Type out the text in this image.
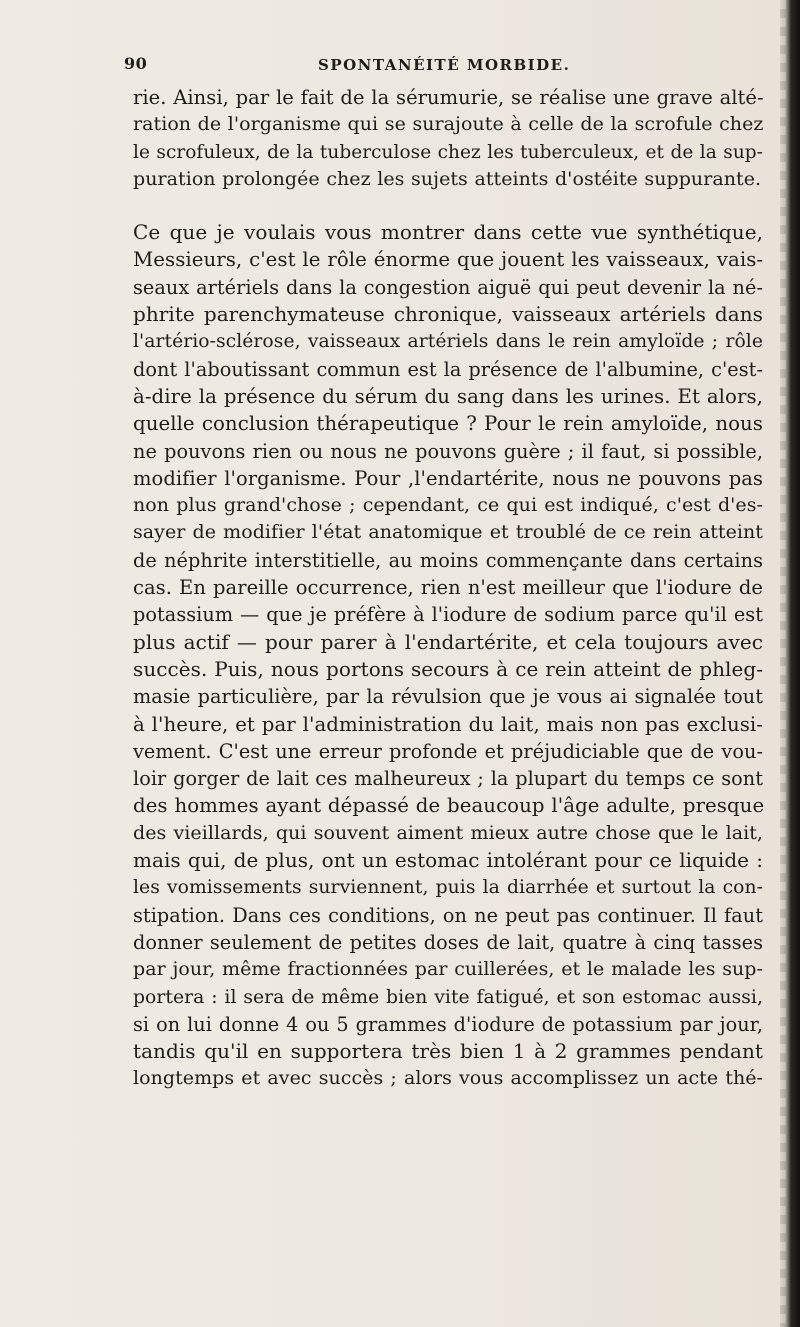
90	SPONTANÉITÉ MORBIDE.
rie. Ainsi, par le fait de la sérumurie, se réalise une grave alté-
ration de l'organisme qui se surajoute à celle de la scrofule chez
le scrofuleux, de la tuberculose chez les tuberculeux, et de la sup-
puration prolongée chez les sujets atteints d'ostéite suppurante.
Ce que je voulais vous montrer dans cette vue synthétique,
Messieurs, c'est le rôle énorme que jouent les vaisseaux, vais-
seaux artériels dans la congestion aiguë qui peut devenir la né-
phrite parenchymateuse chronique, vaisseaux artériels dans
l'artério-sclérose, vaisseaux artériels dans le rein amyloïde ; rôle
dont l'aboutissant commun est la présence de l'albumine, c'est-
à-dire la présence du sérum du sang dans les urines. Et alors,
quelle conclusion thérapeutique ? Pour le rein amyloïde, nous
ne pouvons rien ou nous ne pouvons guère ; il faut, si possible,
modifier l'organisme. Pour ,l'endartérite, nous ne pouvons pas
non plus grand'chose ; cependant, ce qui est indiqué, c'est d'es-
sayer de modifier l'état anatomique et troublé de ce rein atteint
de néphrite interstitielle, au moins commençante dans certains
cas. En pareille occurrence, rien n'est meilleur que l'iodure de
potassium — que je préfère à l'iodure de sodium parce qu'il est
plus actif — pour parer à l'endartérite, et cela toujours avec
succès. Puis, nous portons secours à ce rein atteint de phleg-
masie particulière, par la révulsion que je vous ai signalée tout
à l'heure, et par l'administration du lait, mais non pas exclusi-
vement. C'est une erreur profonde et préjudiciable que de vou-
loir gorger de lait ces malheureux ; la plupart du temps ce sont
des hommes ayant dépassé de beaucoup l'âge adulte, presque
des vieillards, qui souvent aiment mieux autre chose que le lait,
mais qui, de plus, ont un estomac intolérant pour ce liquide :
les vomissements surviennent, puis la diarrhée et surtout la con-
stipation. Dans ces conditions, on ne peut pas continuer. Il faut
donner seulement de petites doses de lait, quatre à cinq tasses
par jour, même fractionnées par cuillerées, et le malade les sup-
portera : il sera de même bien vite fatigué, et son estomac aussi,
si on lui donne 4 ou 5 grammes d'iodure de potassium par jour,
tandis qu'il en supportera très bien 1 à 2 grammes pendant
longtemps et avec succès ; alors vous accomplissez un acte thé-
